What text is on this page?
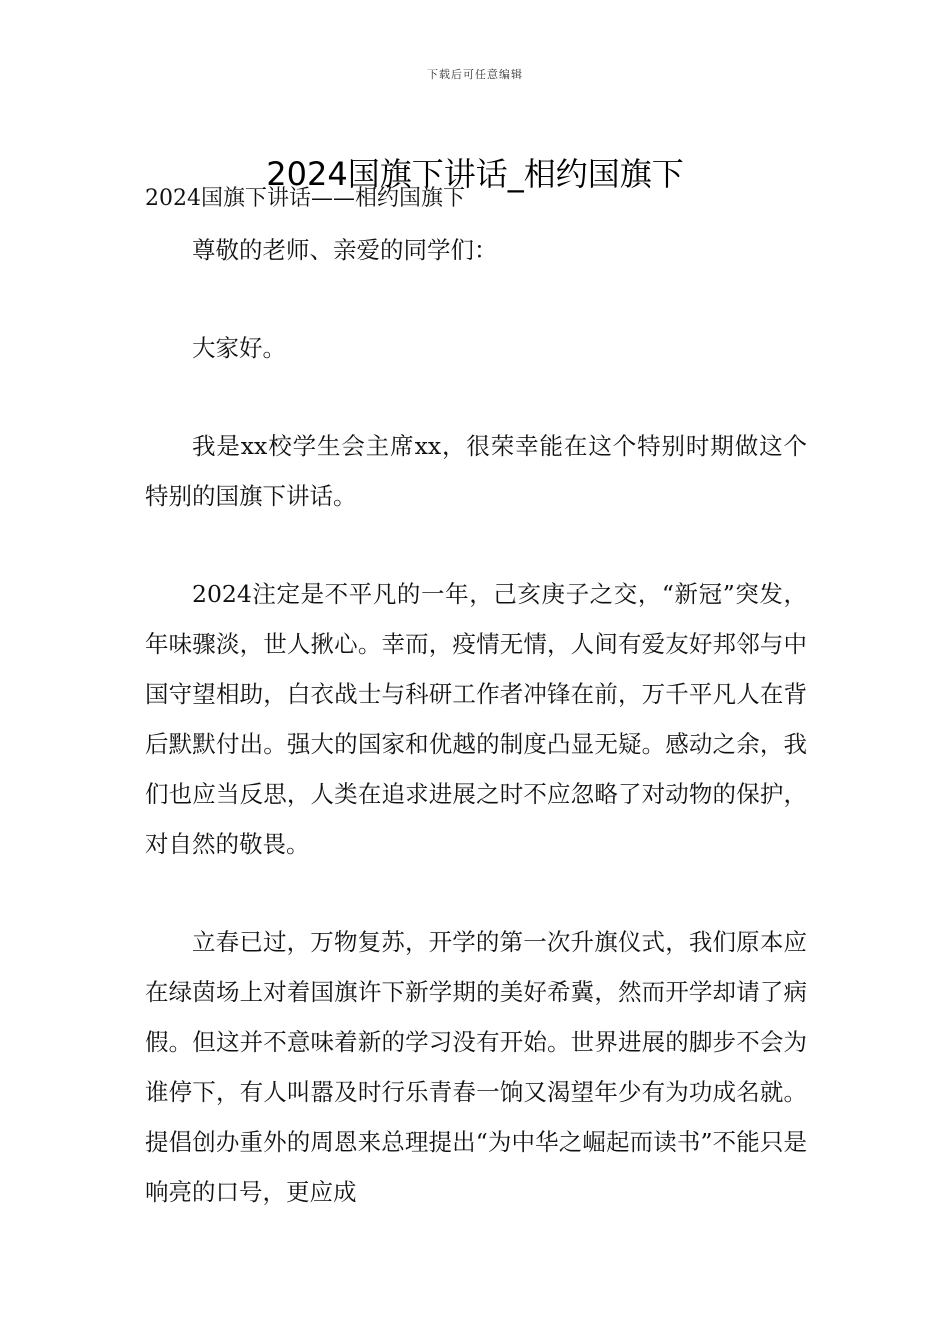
下载后可任意编辑
2024国旗下讲话_相约国旗下

2024国旗下讲话——相约国旗下

尊敬的老师、亲爱的同学们：

大家好。

我是xx校学生会主席xx，很荣幸能在这个特别时期做这个特别的国旗下讲话。

2024注定是不平凡的一年，己亥庚子之交，“新冠”突发，年味骤淡，世人揪心。幸而，疫情无情，人间有爱友好邦邻与中国守望相助，白衣战士与科研工作者冲锋在前，万千平凡人在背后默默付出。强大的国家和优越的制度凸显无疑。感动之余，我们也应当反思，人类在追求进展之时不应忽略了对动物的保护，对自然的敬畏。

立春已过，万物复苏，开学的第一次升旗仪式，我们原本应在绿茵场上对着国旗许下新学期的美好希冀，然而开学却请了病假。但这并不意味着新的学习没有开始。世界进展的脚步不会为谁停下，有人叫嚣及时行乐青春一饷又渴望年少有为功成名就。提倡创办重外的周恩来总理提出“为中华之崛起而读书”不能只是响亮的口号，更应成
